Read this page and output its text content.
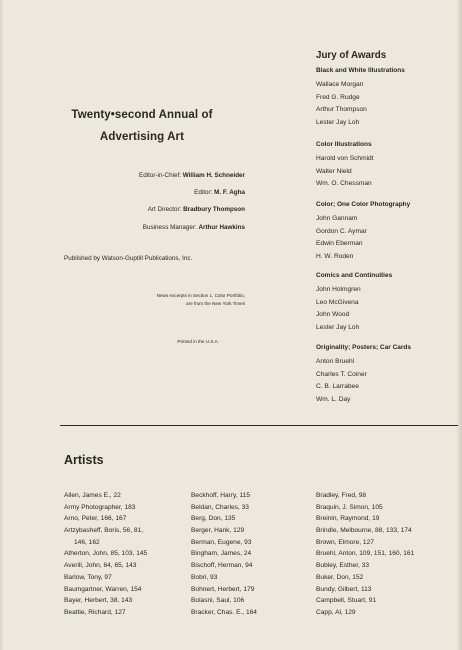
Twenty•second Annual of
Advertising Art
Editor-in-Chief: William H. Schneider
Editor: M. F. Agha
Art Director: Bradbury Thompson
Business Manager: Arthur Hawkins
Published by Watson-Guptill Publications, Inc.
News excerpts in Section 1, Color Portfolio,
are from the New York Times
Printed in the U.S.A.
Jury of Awards
Black and White Illustrations
Wallace Morgan
Fred G. Rudge
Arthur Thompson
Lester Jay Loh
Color Illustrations
Harold von Schmidt
Walter Nield
Wm. O. Chessman
Color; One Color Photography
John Gannam
Gordon C. Aymar
Edwin Eberman
H. W. Roden
Comics and Continuities
John Holmgren
Leo McGivena
John Wood
Lester Jay Loh
Originality; Posters; Car Cards
Anton Bruehl
Charles T. Coiner
C. B. Larrabee
Wm. L. Day
Artists
Allen, James E., 22
Army Photographer, 183
Arno, Peter, 166, 167
Artzybasheff, Boris, 56, 81,
146, 162
Atherton, John, 85, 103, 145
Averill, John, 64, 65, 143
Barlow, Tony, 97
Baumgartner, Warren, 154
Bayer, Herbert, 38, 143
Beattie, Richard, 127
Beckhoff, Harry, 115
Beldan, Charles, 33
Berg, Don, 135
Berger, Hank, 129
Berman, Eugene, 93
Bingham, James, 24
Bischoff, Herman, 94
Bobri, 93
Bohnert, Herbert, 179
Bolasni, Saul, 106
Bracker, Chas. E., 164
Bradley, Fred, 98
Braquin, J. Simon, 105
Breinin, Raymond, 19
Brindle, Melbourne, 88, 133, 174
Brown, Elmore, 127
Bruehl, Anton, 109, 151, 160, 161
Bubley, Esther, 33
Buker, Don, 152
Bundy, Gilbert, 113
Campbell, Stuart, 91
Capp, Al, 129
